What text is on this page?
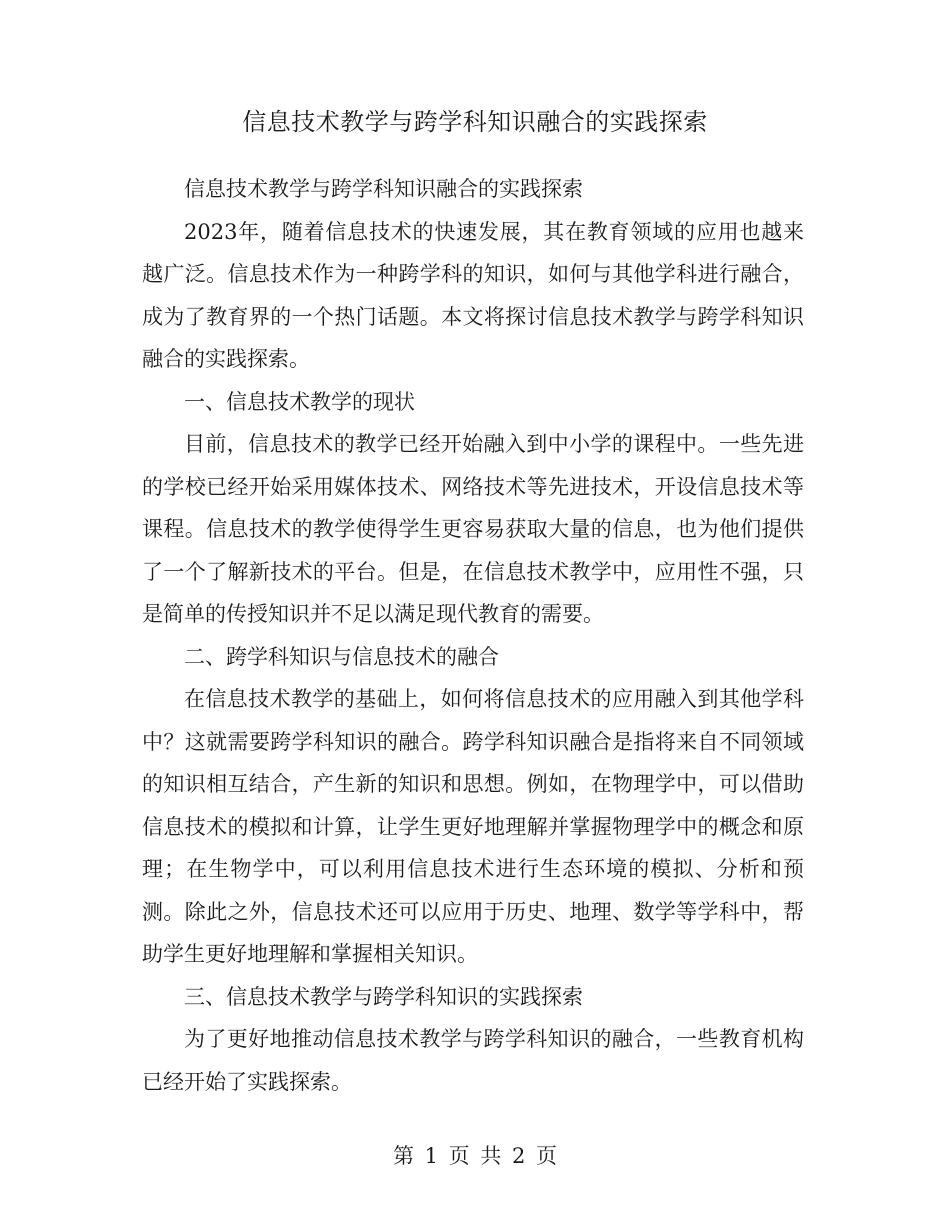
信息技术教学与跨学科知识融合的实践探索

信息技术教学与跨学科知识融合的实践探索

2023年，随着信息技术的快速发展，其在教育领域的应用也越来越广泛。信息技术作为一种跨学科的知识，如何与其他学科进行融合，成为了教育界的一个热门话题。本文将探讨信息技术教学与跨学科知识融合的实践探索。

一、信息技术教学的现状

目前，信息技术的教学已经开始融入到中小学的课程中。一些先进的学校已经开始采用媒体技术、网络技术等先进技术，开设信息技术等课程。信息技术的教学使得学生更容易获取大量的信息，也为他们提供了一个了解新技术的平台。但是，在信息技术教学中，应用性不强，只是简单的传授知识并不足以满足现代教育的需要。

二、跨学科知识与信息技术的融合

在信息技术教学的基础上，如何将信息技术的应用融入到其他学科中？这就需要跨学科知识的融合。跨学科知识融合是指将来自不同领域的知识相互结合，产生新的知识和思想。例如，在物理学中，可以借助信息技术的模拟和计算，让学生更好地理解并掌握物理学中的概念和原理；在生物学中，可以利用信息技术进行生态环境的模拟、分析和预测。除此之外，信息技术还可以应用于历史、地理、数学等学科中，帮助学生更好地理解和掌握相关知识。

三、信息技术教学与跨学科知识的实践探索

为了更好地推动信息技术教学与跨学科知识的融合，一些教育机构已经开始了实践探索。

第 1 页 共 2 页
